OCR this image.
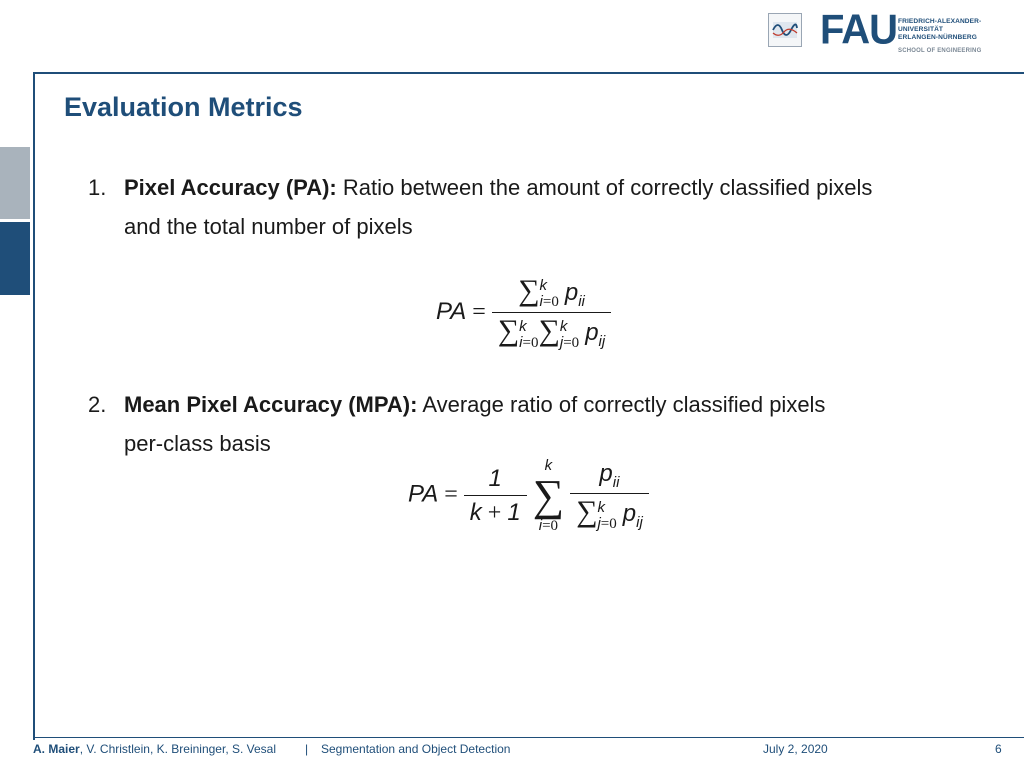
FAU FRIEDRICH-ALEXANDER-
UNIVERSITÄT
ERLANGEN-NÜRNBERG
SCHOOL OF ENGINEERING
Evaluation Metrics
1. Pixel Accuracy (PA): Ratio between the amount of correctly classified pixels
and the total number of pixels
PA = ∑ k
i=0 $p_{ii}$
∑ k
i=0 ∑ k
j=0 $p_{ij}$
2. Mean Pixel Accuracy (MPA): Average ratio of correctly classified pixels
per-class basis
PA = $\frac{1}{k + 1}$
k
∑
i=0
$p_{ii}$
∑ k
j=0 $p_{ij}$
A. Maier, V. Christlein, K. Breininger, S. Vesal | Segmentation and Object Detection	July 2, 2020	6
